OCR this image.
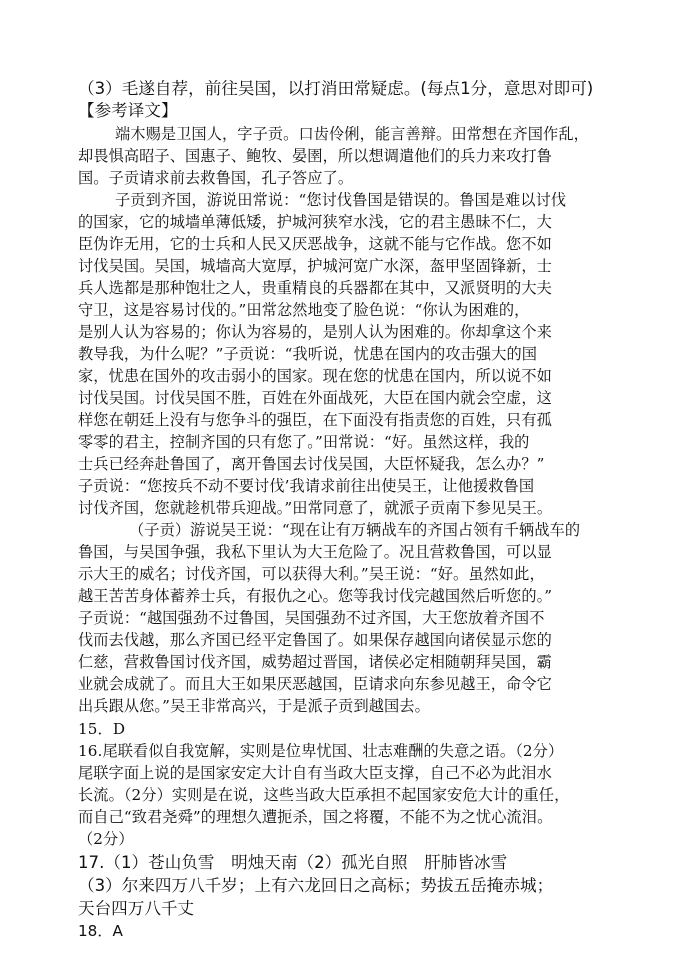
（3）毛遂自荐，前往吴国，以打消田常疑虑。(每点1分，意思对即可)
【参考译文】
端木赐是卫国人，字子贡。口齿伶俐，能言善辩。田常想在齐国作乱，
却畏惧高昭子、国惠子、鲍牧、晏圉，所以想调遣他们的兵力来攻打鲁
国。子贡请求前去救鲁国，孔子答应了。
子贡到齐国，游说田常说：“您讨伐鲁国是错误的。鲁国是难以讨伐
的国家，它的城墙单薄低矮，护城河狭窄水浅，它的君主愚昧不仁，大
臣伪诈无用，它的士兵和人民又厌恶战争，这就不能与它作战。您不如
讨伐吴国。吴国，城墙高大宽厚，护城河宽广水深，盔甲坚固锋新，士
兵人选都是那种饱壮之人，贵重精良的兵器都在其中，又派贤明的大夫
守卫，这是容易讨伐的。”田常忿然地变了脸色说：“你认为困难的，
是别人认为容易的；你认为容易的，是别人认为困难的。你却拿这个来
教导我，为什么呢？”子贡说：“我听说，忧患在国内的攻击强大的国
家，忧患在国外的攻击弱小的国家。现在您的忧患在国内，所以说不如
讨伐吴国。讨伐吴国不胜，百姓在外面战死，大臣在国内就会空虚，这
样您在朝廷上没有与您争斗的强臣，在下面没有指责您的百姓，只有孤
零零的君主，控制齐国的只有您了。”田常说：“好。虽然这样，我的
士兵已经奔赴鲁国了，离开鲁国去讨伐吴国，大臣怀疑我，怎么办？”
子贡说：“您按兵不动不要讨伐’我请求前往出使吴王，让他援救鲁国
讨伐齐国，您就趁机带兵迎战。”田常同意了，就派子贡南下参见吴王。
（子贡）游说吴王说：“现在让有万辆战车的齐国占领有千辆战车的
鲁国，与吴国争强，我私下里认为大王危险了。况且营救鲁国，可以显
示大王的威名；讨伐齐国，可以获得大利。”吴王说：“好。虽然如此，
越王苦苦身体蓄养士兵，有报仇之心。您等我讨伐完越国然后听您的。”
子贡说：“越国强劲不过鲁国，吴国强劲不过齐国，大王您放着齐国不
伐而去伐越，那么齐国已经平定鲁国了。如果保存越国向诸侯显示您的
仁慈，营救鲁国讨伐齐国，威势超过晋国，诸侯必定相随朝拜吴国，霸
业就会成就了。而且大王如果厌恶越国，臣请求向东参见越王，命令它
出兵跟从您。”吴王非常高兴，于是派子贡到越国去。
15．D
16.尾联看似自我宽解，实则是位卑忧国、壮志难酬的失意之语。（2分）
尾联字面上说的是国家安定大计自有当政大臣支撑，自己不必为此泪水
长流。（2分）实则是在说，这些当政大臣承担不起国家安危大计的重任，
而自己“致君尧舜”的理想久遭扼杀，国之将覆，不能不为之忧心流泪。
（2分）
17.（1）苍山负雪　明烛天南（2）孤光自照　肝肺皆冰雪
（3）尔来四万八千岁；上有六龙回日之高标；势拔五岳掩赤城；
天台四万八千丈
18．A
